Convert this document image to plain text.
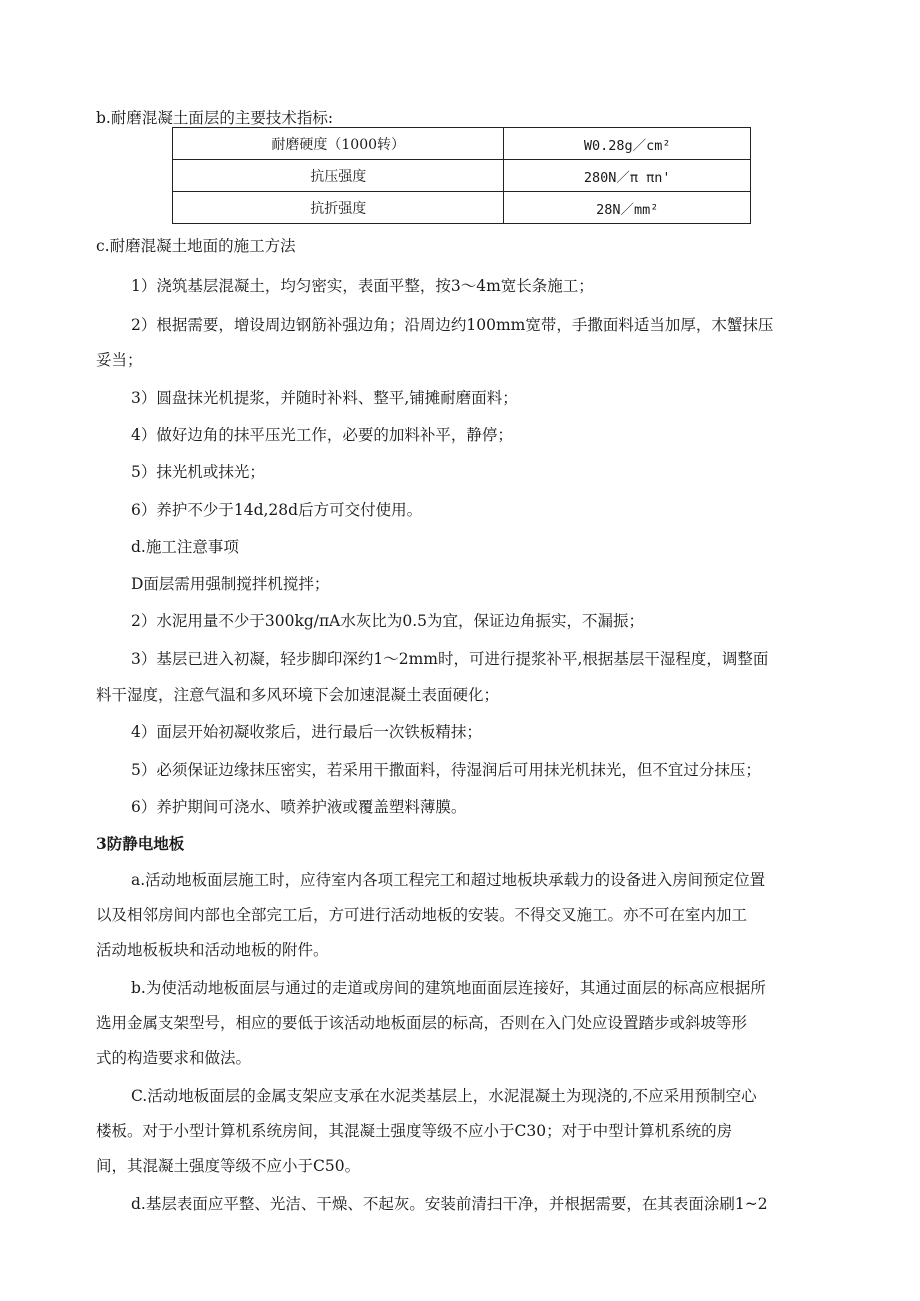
b.耐磨混凝土面层的主要技术指标:
耐磨硬度（1000转）	W0.28g／cm²
抗压强度	280N／π πn'
抗折强度	28N／mm²
c.耐磨混凝土地面的施工方法
1）浇筑基层混凝土，均匀密实，表面平整，按3～4m宽长条施工；
2）根据需要，增设周边钢筋补强边角；沿周边约100mm宽带，手撒面料适当加厚，木蟹抹压
妥当；
3）圆盘抹光机提浆，并随时补料、整平,铺摊耐磨面料；
4）做好边角的抹平压光工作，必要的加料补平，静停；
5）抹光机或抹光；
6）养护不少于14d,28d后方可交付使用。
d.施工注意事项
D面层需用强制搅拌机搅拌；
2）水泥用量不少于300kg/πA水灰比为0.5为宜，保证边角振实，不漏振；
3）基层已进入初凝，轻步脚印深约1～2mm时，可进行提浆补平,根据基层干湿程度，调整面
料干湿度，注意气温和多风环境下会加速混凝土表面硬化；
4）面层开始初凝收浆后，进行最后一次铁板精抹；
5）必须保证边缘抹压密实，若采用干撒面料，待湿润后可用抹光机抹光，但不宜过分抹压；
6）养护期间可浇水、喷养护液或覆盖塑料薄膜。
3防静电地板
a.活动地板面层施工时，应待室内各项工程完工和超过地板块承载力的设备进入房间预定位置
以及相邻房间内部也全部完工后，方可进行活动地板的安装。不得交叉施工。亦不可在室内加工
活动地板板块和活动地板的附件。
b.为使活动地板面层与通过的走道或房间的建筑地面面层连接好，其通过面层的标高应根据所
选用金属支架型号，相应的要低于该活动地板面层的标高，否则在入门处应设置踏步或斜坡等形
式的构造要求和做法。
C.活动地板面层的金属支架应支承在水泥类基层上，水泥混凝土为现浇的,不应采用预制空心
楼板。对于小型计算机系统房间，其混凝土强度等级不应小于C30；对于中型计算机系统的房
间，其混凝土强度等级不应小于C50。
d.基层表面应平整、光洁、干燥、不起灰。安装前清扫干净，并根据需要，在其表面涂刷1~2
